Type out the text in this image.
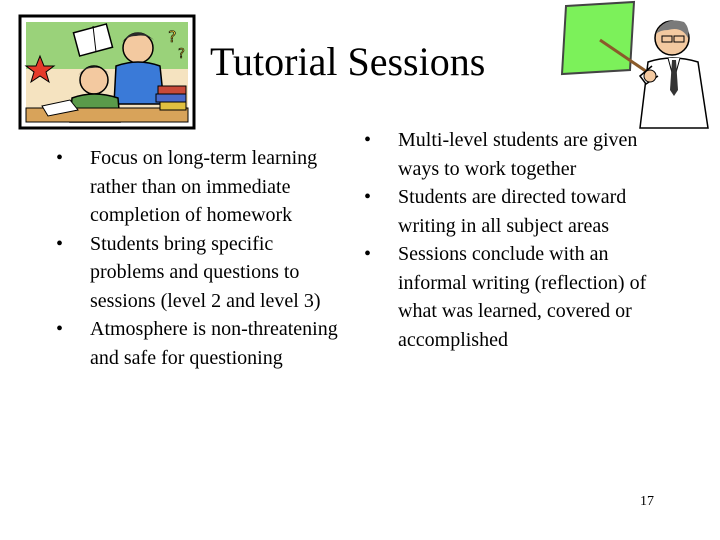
?
? Tutorial Sessions
•	Focus on long-term learning rather than on immediate completion of homework
•	Students bring specific problems and questions to sessions (level 2 and level 3)
•	Atmosphere is non-threatening and safe for questioning
•	Multi-level students are given ways to work together
•	Students are directed toward writing in all subject areas
•	Sessions conclude with an informal writing (reflection) of what was learned, covered or accomplished
17
